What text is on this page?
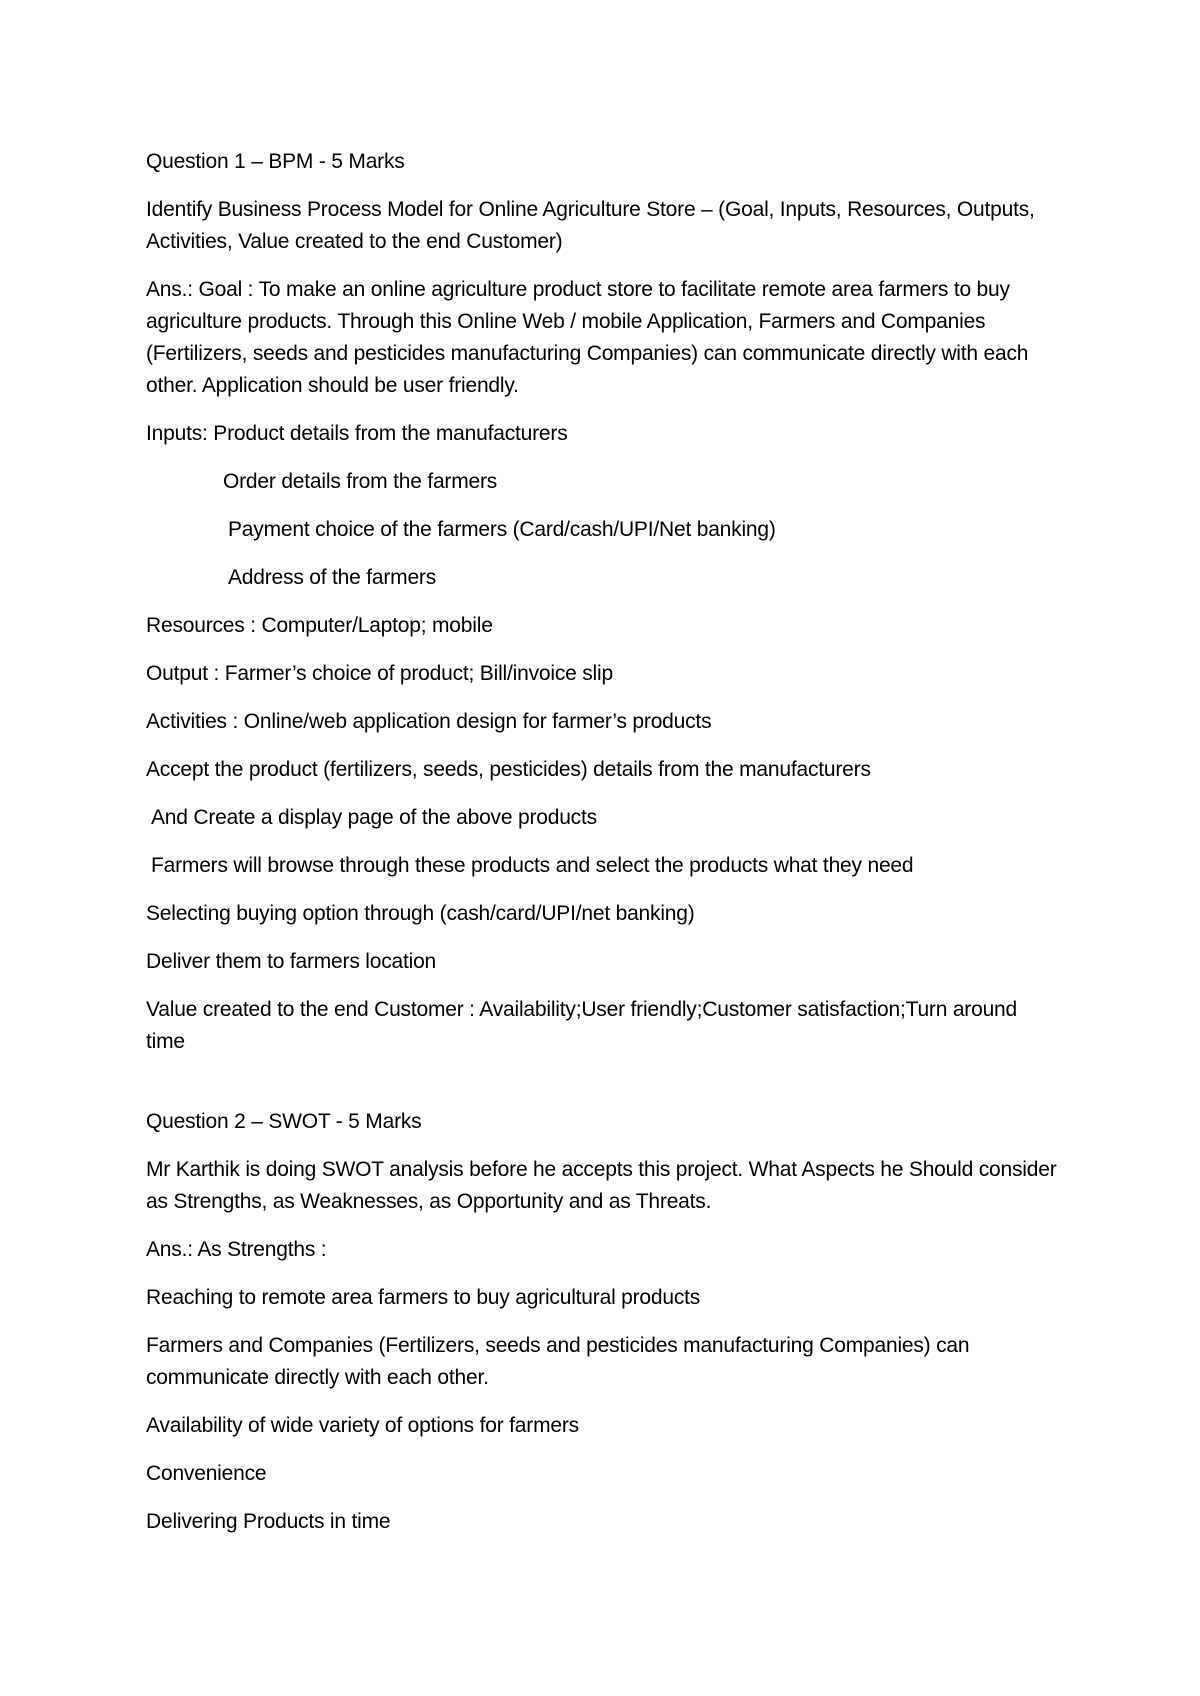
Question 1 – BPM - 5 Marks

Identify Business Process Model for Online Agriculture Store – (Goal, Inputs, Resources, Outputs, Activities, Value created to the end Customer)

Ans.: Goal : To make an online agriculture product store to facilitate remote area farmers to buy agriculture products. Through this Online Web / mobile Application, Farmers and Companies (Fertilizers, seeds and pesticides manufacturing Companies) can communicate directly with each other. Application should be user friendly.

Inputs: Product details from the manufacturers

Order details from the farmers

Payment choice of the farmers (Card/cash/UPI/Net banking)

Address of the farmers

Resources : Computer/Laptop; mobile

Output : Farmer’s choice of product; Bill/invoice slip

Activities : Online/web application design for farmer’s products

Accept the product (fertilizers, seeds, pesticides) details from the manufacturers

And Create a display page of the above products

Farmers will browse through these products and select the products what they need

Selecting buying option through (cash/card/UPI/net banking)

Deliver them to farmers location

Value created to the end Customer : Availability;User friendly;Customer satisfaction;Turn around time

Question 2 – SWOT - 5 Marks

Mr Karthik is doing SWOT analysis before he accepts this project. What Aspects he Should consider as Strengths, as Weaknesses, as Opportunity and as Threats.

Ans.: As Strengths :

Reaching to remote area farmers to buy agricultural products

Farmers and Companies (Fertilizers, seeds and pesticides manufacturing Companies) can communicate directly with each other.

Availability of wide variety of options for farmers

Convenience

Delivering Products in time
